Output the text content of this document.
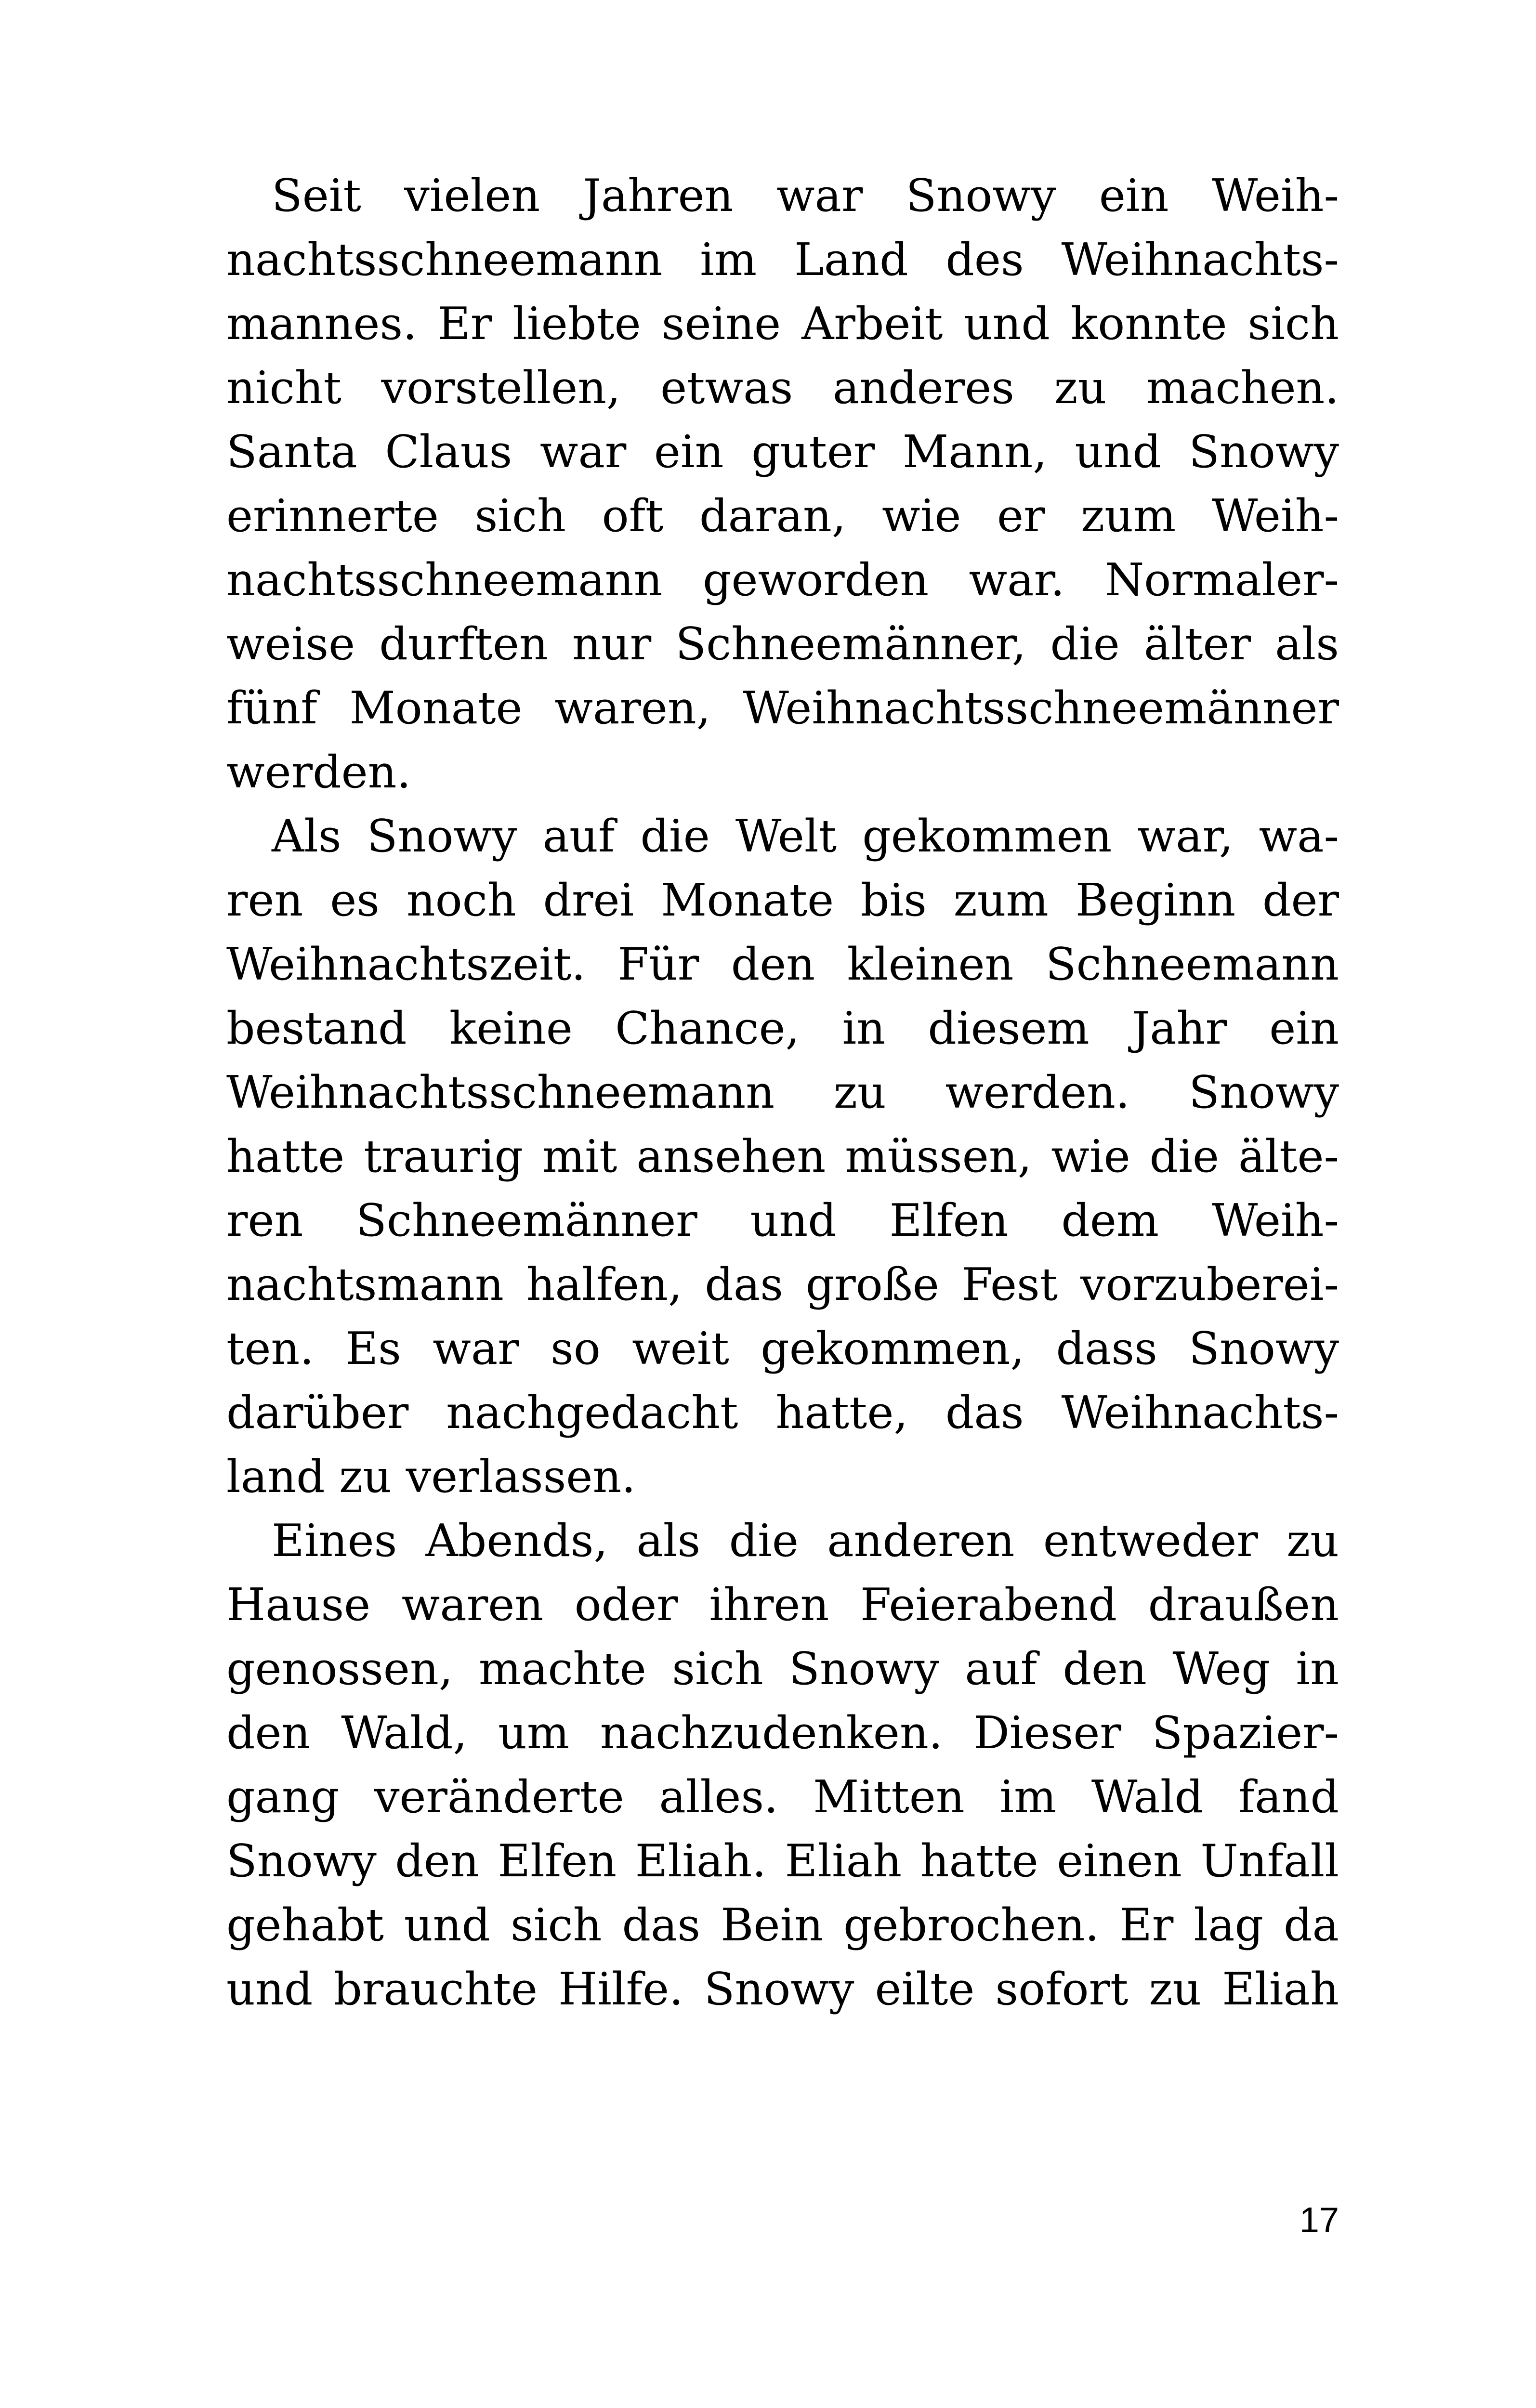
Seit vielen Jahren war Snowy ein Weih-
nachtsschneemann im Land des Weihnachts-
mannes. Er liebte seine Arbeit und konnte sich
nicht vorstellen, etwas anderes zu machen.
Santa Claus war ein guter Mann, und Snowy
erinnerte sich oft daran, wie er zum Weih-
nachtsschneemann geworden war. Normaler-
weise durften nur Schneemänner, die älter als
fünf Monate waren, Weihnachtsschneemänner
werden.
Als Snowy auf die Welt gekommen war, wa-
ren es noch drei Monate bis zum Beginn der
Weihnachtszeit. Für den kleinen Schneemann
bestand keine Chance, in diesem Jahr ein
Weihnachtsschneemann zu werden. Snowy
hatte traurig mit ansehen müssen, wie die älte-
ren Schneemänner und Elfen dem Weih-
nachtsmann halfen, das große Fest vorzuberei-
ten. Es war so weit gekommen, dass Snowy
darüber nachgedacht hatte, das Weihnachts-
land zu verlassen.
Eines Abends, als die anderen entweder zu
Hause waren oder ihren Feierabend draußen
genossen, machte sich Snowy auf den Weg in
den Wald, um nachzudenken. Dieser Spazier-
gang veränderte alles. Mitten im Wald fand
Snowy den Elfen Eliah. Eliah hatte einen Unfall
gehabt und sich das Bein gebrochen. Er lag da
und brauchte Hilfe. Snowy eilte sofort zu Eliah
17
